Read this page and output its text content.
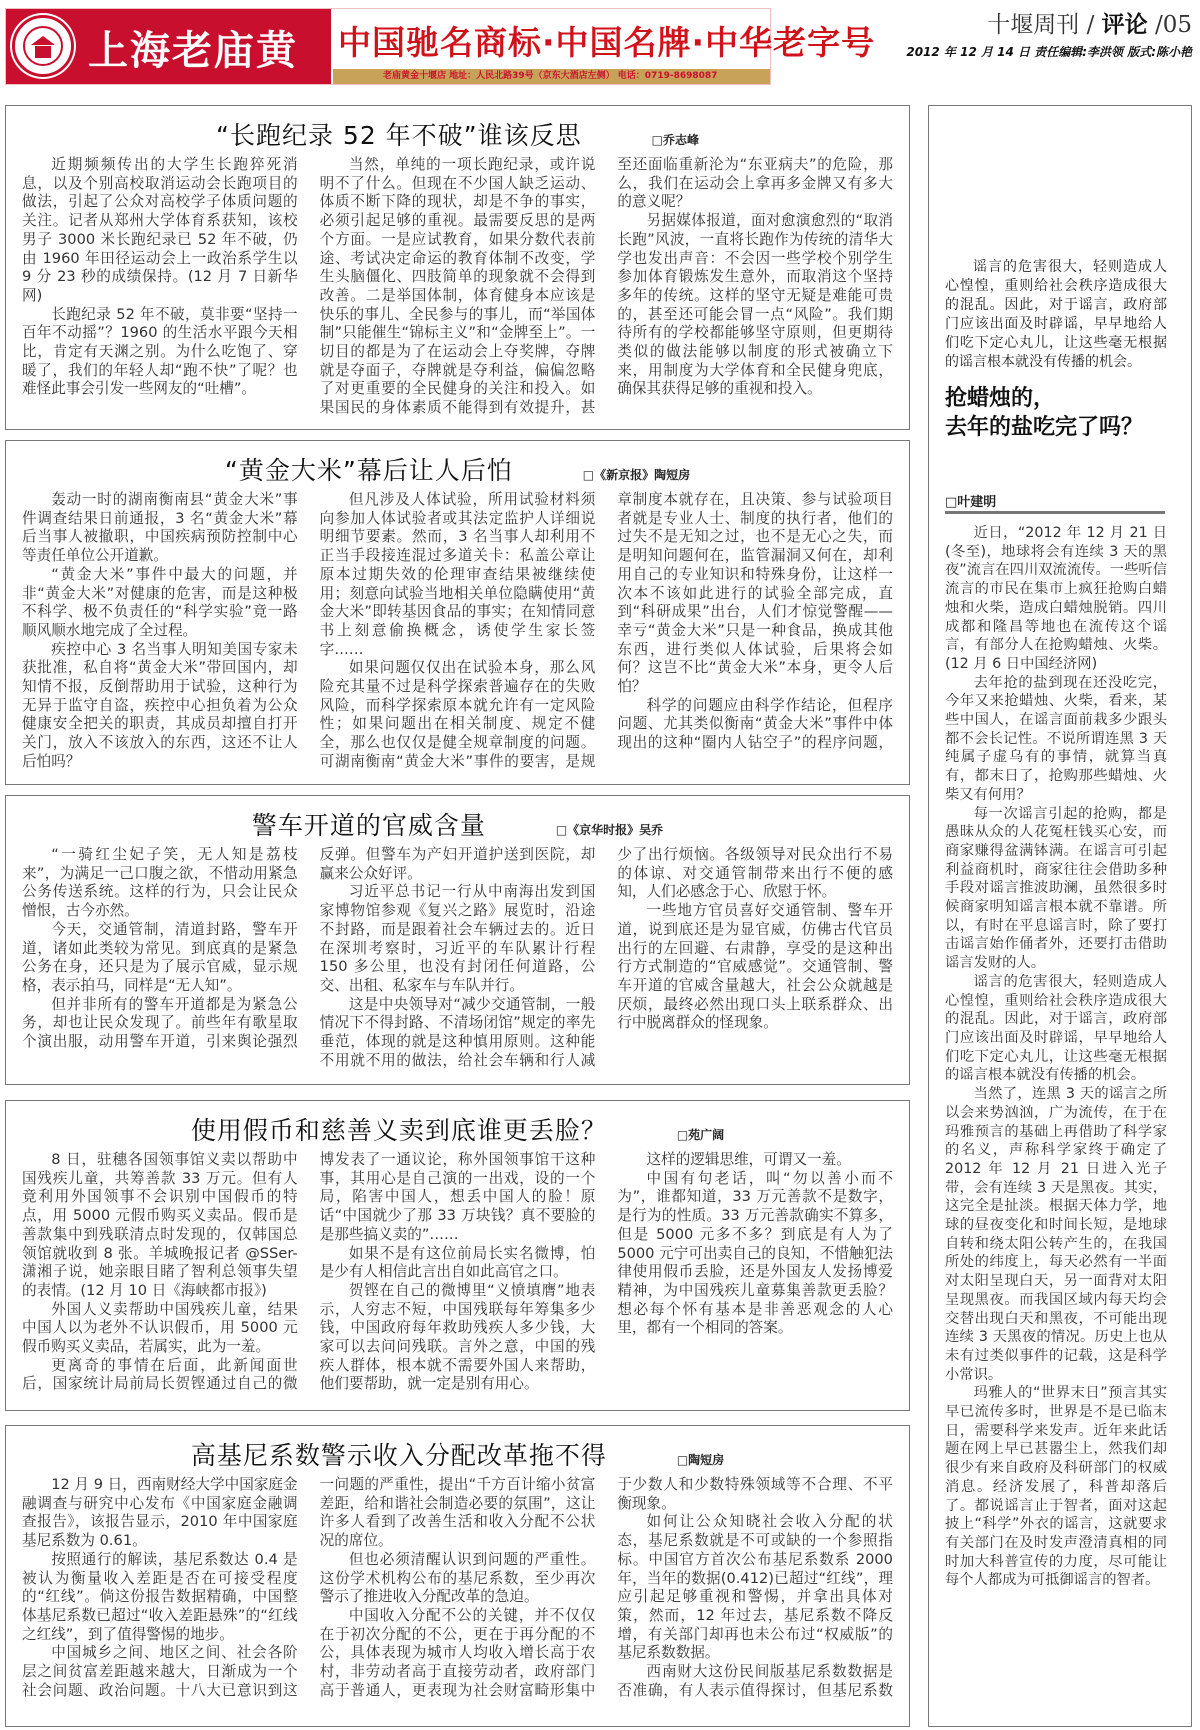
上海老庙黄金
中国驰名商标·中国名牌·中华老字号
老庙黄金十堰店 地址：人民北路39号（京东大酒店左侧） 电话：0719-8698087
十堰周刊 / 评论 /05
2012 年 12 月 14 日 责任编辑:李洪领 版式:陈小艳
“长跑纪录 52 年不破”谁该反思	□乔志峰

近期频频传出的大学生长跑猝死消息，以及个别高校取消运动会长跑项目的做法，引起了公众对高校学子体质问题的关注。记者从郑州大学体育系获知，该校男子 3000 米长跑纪录已 52 年不破，仍由 1960 年田径运动会上一政治系学生以 9 分 23 秒的成绩保持。(12 月 7 日新华网)

长跑纪录 52 年不破，莫非要“坚持一百年不动摇”？1960 的生活水平跟今天相比，肯定有天渊之别。为什么吃饱了、穿暖了，我们的年轻人却“跑不快”了呢？也难怪此事会引发一些网友的“吐槽”。

当然，单纯的一项长跑纪录，或许说明不了什么。但现在不少国人缺乏运动、体质不断下降的现状，却是不争的事实，必须引起足够的重视。最需要反思的是两个方面。一是应试教育，如果分数代表前途、考试决定命运的教育体制不改变，学生头脑僵化、四肢简单的现象就不会得到改善。二是举国体制，体育健身本应该是快乐的事儿、全民参与的事儿，而“举国体制”只能催生“锦标主义”和“金牌至上”。一切目的都是为了在运动会上夺奖牌，夺牌就是夺面子，夺牌就是夺利益，偏偏忽略了对更重要的全民健身的关注和投入。如果国民的身体素质不能得到有效提升，甚至还面临重新沦为“东亚病夫”的危险，那么，我们在运动会上拿再多金牌又有多大的意义呢？

另据媒体报道，面对愈演愈烈的“取消长跑”风波，一直将长跑作为传统的清华大学也发出声音：不会因一些学校个别学生参加体育锻炼发生意外，而取消这个坚持多年的传统。这样的坚守无疑是难能可贵的，甚至还可能会冒一点“风险”。我们期待所有的学校都能够坚守原则，但更期待类似的做法能够以制度的形式被确立下来，用制度为大学体育和全民健身兜底，确保其获得足够的重视和投入。

“黄金大米”幕后让人后怕	□《新京报》陶短房

轰动一时的湖南衡南县“黄金大米”事件调查结果日前通报，3 名“黄金大米”幕后当事人被撤职，中国疾病预防控制中心等责任单位公开道歉。

“黄金大米”事件中最大的问题，并非“黄金大米”对健康的危害，而是这种极不科学、极不负责任的“科学实验”竟一路顺风顺水地完成了全过程。

疾控中心 3 名当事人明知美国专家未获批准，私自将“黄金大米”带回国内，却知情不报，反倒帮助用于试验，这种行为无异于监守自盗，疾控中心担负着为公众健康安全把关的职责，其成员却擅自打开关门，放入不该放入的东西，这还不让人后怕吗？

但凡涉及人体试验，所用试验材料须向参加人体试验者或其法定监护人详细说明细节要素。然而，3 名当事人却利用不正当手段接连混过多道关卡：私盖公章让原本过期失效的伦理审查结果被继续使用；刻意向试验当地相关单位隐瞒使用“黄金大米”即转基因食品的事实；在知情同意书上刻意偷换概念，诱使学生家长签字……

如果问题仅仅出在试验本身，那么风险充其量不过是科学探索普遍存在的失败风险，而科学探索原本就允许有一定风险性；如果问题出在相关制度、规定不健全，那么也仅仅是健全规章制度的问题。可湖南衡南“黄金大米”事件的要害，是规章制度本就存在，且决策、参与试验项目者就是专业人士、制度的执行者，他们的过失不是无知之过，也不是无心之失，而是明知问题何在，监管漏洞又何在，却利用自己的专业知识和特殊身份，让这样一次本不该如此进行的试验全部完成，直到“科研成果”出台，人们才惊觉警醒——幸亏“黄金大米”只是一种食品，换成其他东西，进行类似人体试验，后果将会如何？这岂不比“黄金大米”本身，更令人后怕？

科学的问题应由科学作结论，但程序问题、尤其类似衡南“黄金大米”事件中体现出的这种“圈内人钻空子”的程序问题，

警车开道的官威含量	□《京华时报》吴乔

“一骑红尘妃子笑，无人知是荔枝来”，为满足一己口腹之欲，不惜动用紧急公务传送系统。这样的行为，只会让民众憎恨，古今亦然。

今天，交通管制，清道封路，警车开道，诸如此类较为常见。到底真的是紧急公务在身，还只是为了展示官威，显示规格，表示拍马，同样是“无人知”。

但并非所有的警车开道都是为紧急公务，却也让民众发现了。前些年有歌星取个演出服，动用警车开道，引来舆论强烈反弹。但警车为产妇开道护送到医院，却赢来公众好评。

习近平总书记一行从中南海出发到国家博物馆参观《复兴之路》展览时，沿途不封路，而是跟着社会车辆过去的。近日在深圳考察时，习近平的车队累计行程 150 多公里，也没有封闭任何道路，公交、出租、私家车与车队并行。

这是中央领导对“减少交通管制，一般情况下不得封路、不清场闭馆”规定的率先垂范，体现的就是这种慎用原则。这种能不用就不用的做法，给社会车辆和行人减少了出行烦恼。各级领导对民众出行不易的体谅、对交通管制带来出行不便的感知，人们必感念于心、欣慰于怀。

一些地方官员喜好交通管制、警车开道，说到底还是为显官威，仿佛古代官员出行的左回避、右肃静，享受的是这种出行方式制造的“官威感觉”。交通管制、警车开道的官威含量越大，社会公众就越是厌烦，最终必然出现口头上联系群众、出行中脱离群众的怪现象。

使用假币和慈善义卖到底谁更丢脸？	□苑广阔

8 日，驻穗各国领事馆义卖以帮助中国残疾儿童，共筹善款 33 万元。但有人竟利用外国领事不会识别中国假币的特点，用 5000 元假币购买义卖品。假币是善款集中到残联清点时发现的，仅韩国总领馆就收到 8 张。羊城晚报记者 @SSer-潇湘子说，她亲眼目睹了智利总领事失望的表情。(12 月 10 日《海峡都市报》)

外国人义卖帮助中国残疾儿童，结果中国人以为老外不认识假币，用 5000 元假币购买义卖品，若属实，此为一羞。

更离奇的事情在后面，此新闻面世后，国家统计局前局长贺铿通过自己的微博发表了一通议论，称外国领事馆干这种事，其用心是自己演的一出戏，设的一个局，陷害中国人，想丢中国人的脸！原话“中国就少了那 33 万块钱？真不要脸的是那些搞义卖的”……

如果不是有这位前局长实名微博，怕是少有人相信此言出自如此高官之口。

贺铿在自己的微博里“义愤填膺”地表示，人穷志不短，中国残联每年筹集多少钱，中国政府每年救助残疾人多少钱，大家可以去问问残联。言外之意，中国的残疾人群体，根本就不需要外国人来帮助，他们要帮助，就一定是别有用心。

这样的逻辑思维，可谓又一羞。

中国有句老话，叫“勿以善小而不为”，谁都知道，33 万元善款不是数字，是行为的性质。33 万元善款确实不算多，但是 5000 元多不多？到底是有人为了 5000 元宁可出卖自己的良知，不惜触犯法律使用假币丢脸，还是外国友人发扬博爱精神，为中国残疾儿童募集善款更丢脸？想必每个怀有基本是非善恶观念的人心里，都有一个相同的答案。

高基尼系数警示收入分配改革拖不得	□陶短房

12 月 9 日，西南财经大学中国家庭金融调查与研究中心发布《中国家庭金融调查报告》，该报告显示，2010 年中国家庭基尼系数为 0.61。

按照通行的解读，基尼系数达 0.4 是被认为衡量收入差距是否在可接受程度的“红线”。倘这份报告数据精确，中国整体基尼系数已超过“收入差距悬殊”的“红线之红线”，到了值得警惕的地步。

中国城乡之间、地区之间、社会各阶层之间贫富差距越来越大，日渐成为一个社会问题、政治问题。十八大已意识到这一问题的严重性，提出“千方百计缩小贫富差距，给和谐社会制造必要的氛围”，这让许多人看到了改善生活和收入分配不公状况的席位。

但也必须清醒认识到问题的严重性。这份学术机构公布的基尼系数，至少再次警示了推进收入分配改革的急迫。

中国收入分配不公的关键，并不仅仅在于初次分配的不公，更在于再分配的不公，具体表现为城市人均收入增长高于农村，非劳动者高于直接劳动者，政府部门高于普通人，更表现为社会财富畸形集中于少数人和少数特殊领域等不合理、不平衡现象。

如何让公众知晓社会收入分配的状态，基尼系数就是不可或缺的一个参照指标。中国官方首次公布基尼系数系 2000 年，当年的数据(0.412)已超过“红线”，理应引起足够重视和警惕，并拿出具体对策，然而，12 年过去，基尼系数不降反增，有关部门却再也未公布过“权威版”的基尼系数数据。

西南财大这份民间版基尼系数数据是否准确，有人表示值得探讨，但基尼系数

谣言的危害很大，轻则造成人心惶惶，重则给社会秩序造成很大的混乱。因此，对于谣言，政府部门应该出面及时辟谣，早早地给人们吃下定心丸儿，让这些毫无根据的谣言根本就没有传播的机会。
抢蜡烛的，
去年的盐吃完了吗？
□叶建明

近日，“2012 年 12 月 21 日(冬至)，地球将会有连续 3 天的黑夜”流言在四川双流流传。一些听信流言的市民在集市上疯狂抢购白蜡烛和火柴，造成白蜡烛脱销。四川成都和隆昌等地也在流传这个谣言，有部分人在抢购蜡烛、火柴。(12 月 6 日中国经济网)

去年抢的盐到现在还没吃完，今年又来抢蜡烛、火柴，看来，某些中国人，在谣言面前栽多少跟头都不会长记性。不说所谓连黑 3 天纯属子虚乌有的事情，就算当真有，都末日了，抢购那些蜡烛、火柴又有何用？

每一次谣言引起的抢购，都是愚昧从众的人花冤枉钱买心安，而商家赚得盆满钵满。在谣言可引起利益商机时，商家往往会借助多种手段对谣言推波助澜，虽然很多时候商家明知谣言根本就不靠谱。所以，有时在平息谣言时，除了要打击谣言始作俑者外，还要打击借助谣言发财的人。

谣言的危害很大，轻则造成人心惶惶，重则给社会秩序造成很大的混乱。因此，对于谣言，政府部门应该出面及时辟谣，早早地给人们吃下定心丸儿，让这些毫无根据的谣言根本就没有传播的机会。

当然了，连黑 3 天的谣言之所以会来势汹汹，广为流传，在于在玛雅预言的基础上再借助了科学家的名义，声称科学家终于确定了 2012 年 12 月 21 日进入光子带，会有连续 3 天是黑夜。其实，这完全是扯淡。根据天体力学，地球的昼夜变化和时间长短，是地球自转和绕太阳公转产生的，在我国所处的纬度上，每天必然有一半面对太阳呈现白天，另一面背对太阳呈现黑夜。而我国区域内每天均会交替出现白天和黑夜，不可能出现连续 3 天黑夜的情况。历史上也从未有过类似事件的记载，这是科学小常识。

玛雅人的“世界末日”预言其实早已流传多时，世界是不是已临末日，需要科学来发声。近年来此话题在网上早已甚嚣尘上，然我们却很少有来自政府及科研部门的权威消息。经济发展了，科普却落后了。都说谣言止于智者，面对这起披上“科学”外衣的谣言，这就要求有关部门在及时发声澄清真相的同时加大科普宣传的力度，尽可能让每个人都成为可抵御谣言的智者。
